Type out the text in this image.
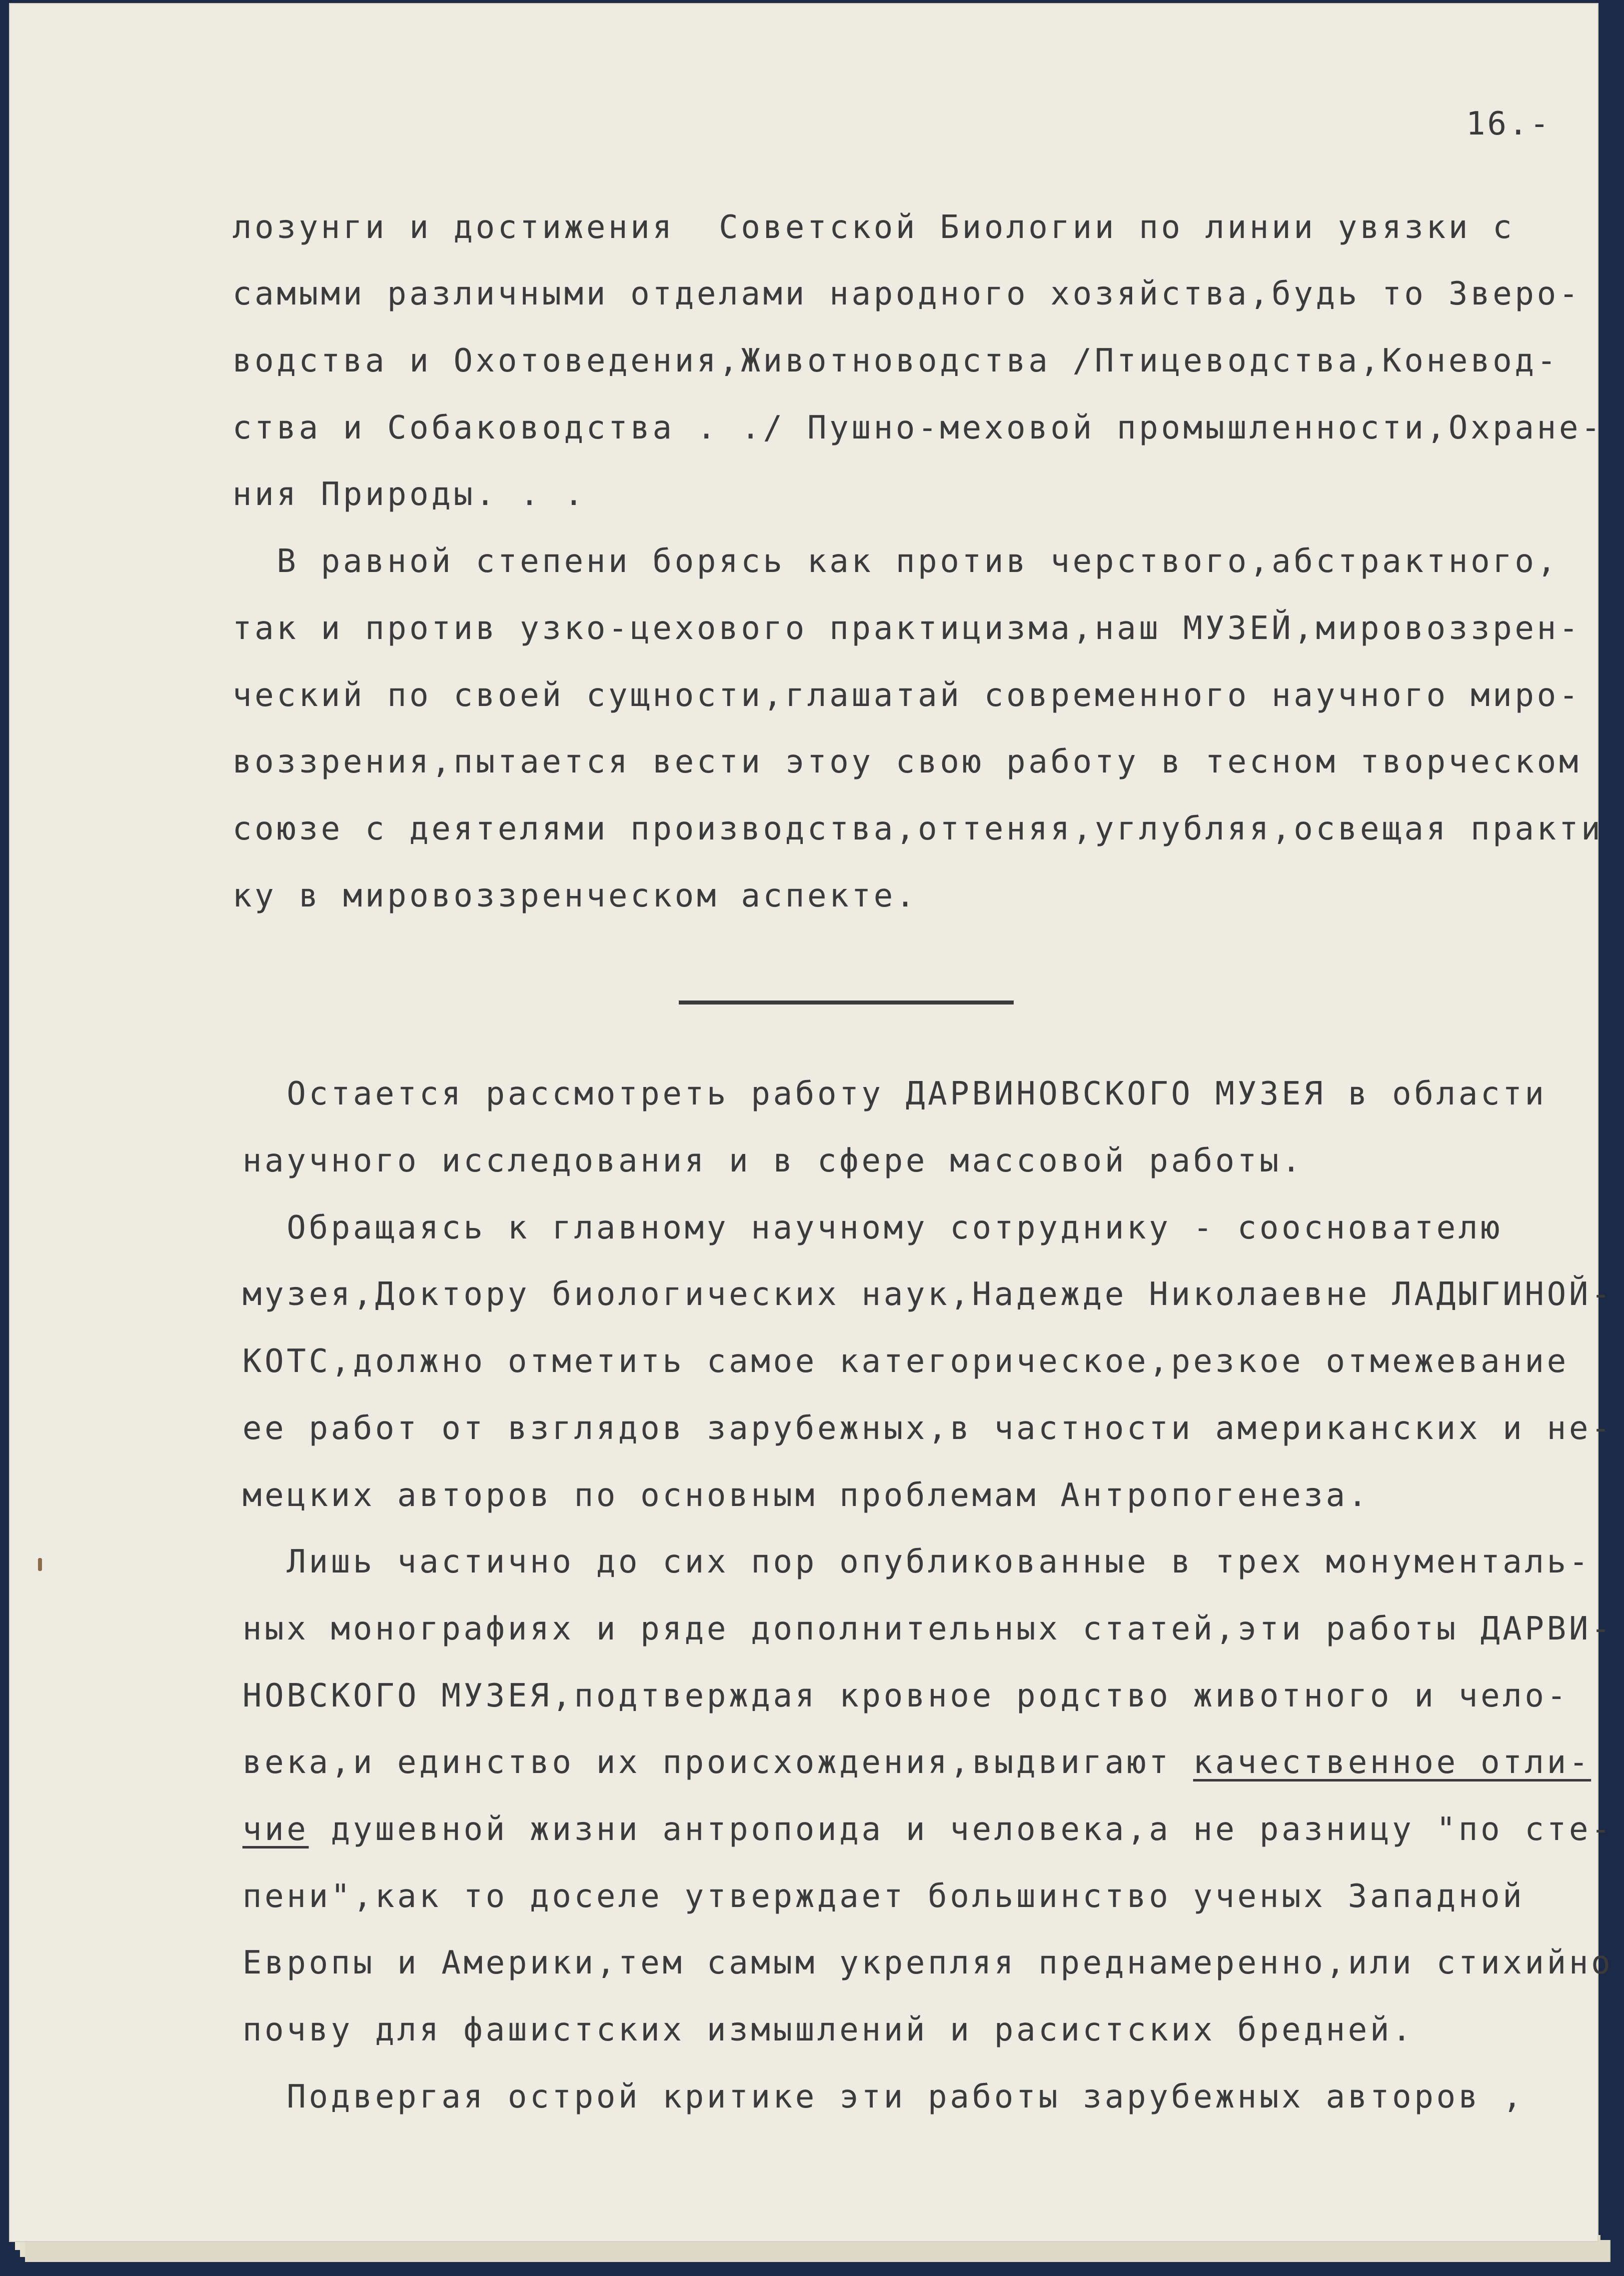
16.-
лозунги и достижения  Советской Биологии по линии увязки с
самыми различными отделами народного хозяйства,будь то Зверо-
водства и Охотоведения,Животноводства /Птицеводства,Коневод-
ства и Собаководства . ./ Пушно-меховой промышленности,Охране-
ния Природы. . .
В равной степени борясь как против черствого,абстрактного,
так и против узко-цехового практицизма,наш МУЗЕЙ,мировоззрен-
ческий по своей сущности,глашатай современного научного миро-
воззрения,пытается вести этоу свою работу в тесном творческом
союзе с деятелями производства,оттеняя,углубляя,освещая практи
ку в мировоззренческом аспекте.
Остается рассмотреть работу ДАРВИНОВСКОГО МУЗЕЯ в области
научного исследования и в сфере массовой работы.
Обращаясь к главному научному сотруднику - сооснователю
музея,Доктору биологических наук,Надежде Николаевне ЛАДЫГИНОЙ-
КОТС,должно отметить самое категорическое,резкое отмежевание
ее работ от взглядов зарубежных,в частности американских и не-
мецких авторов по основным проблемам Антропогенеза.
Лишь частично до сих пор опубликованные в трех монументаль-
ных монографиях и ряде дополнительных статей,эти работы ДАРВИ-
НОВСКОГО МУЗЕЯ,подтверждая кровное родство животного и чело-
века,и единство их происхождения,выдвигают качественное отли-
чие душевной жизни антропоида и человека,а не разницу "по сте-
пени",как то доселе утверждает большинство ученых Западной
Европы и Америки,тем самым укрепляя преднамеренно,или стихийно
почву для фашистских измышлений и расистских бредней.
Подвергая острой критике эти работы зарубежных авторов ,
